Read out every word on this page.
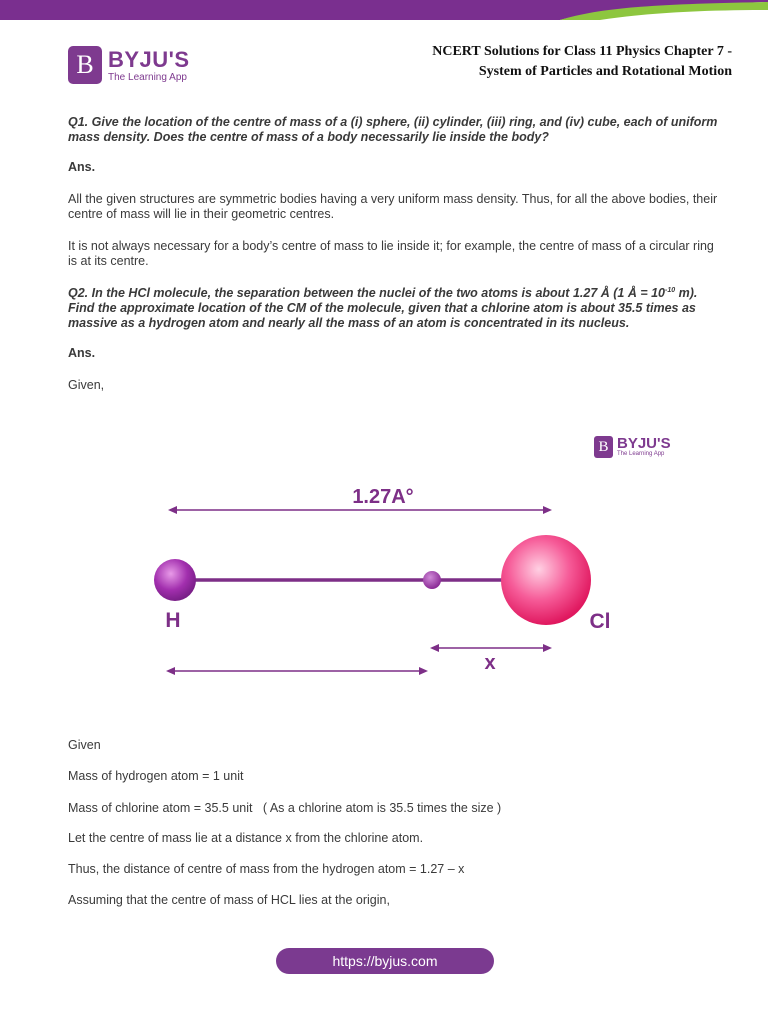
B BYJU'S
The Learning App
NCERT Solutions for Class 11 Physics Chapter 7 -
System of Particles and Rotational Motion

Q1. Give the location of the centre of mass of a (i) sphere, (ii) cylinder, (iii) ring, and (iv) cube, each of uniform mass density. Does the centre of mass of a body necessarily lie inside the body?

Ans.

All the given structures are symmetric bodies having a very uniform mass density. Thus, for all the above bodies, their centre of mass will lie in their geometric centres.

It is not always necessary for a body’s centre of mass to lie inside it; for example, the centre of mass of a circular ring is at its centre.

Q2. In the HCl molecule, the separation between the nuclei of the two atoms is about 1.27 Å (1 Å = $10^{-10}$ m). Find the approximate location of the CM of the molecule, given that a chlorine atom is about 35.5 times as massive as a hydrogen atom and nearly all the mass of an atom is concentrated in its nucleus.

Ans.

Given,

B BYJU'S
The Learning App
1.27A°
H	Cl
x
Given
Mass of hydrogen atom = 1 unit
Mass of chlorine atom = 35.5 unit   ( As a chlorine atom is 35.5 times the size )
Let the centre of mass lie at a distance x from the chlorine atom.
Thus, the distance of centre of mass from the hydrogen atom = 1.27 – x
Assuming that the centre of mass of HCL lies at the origin,
https://byjus.com
